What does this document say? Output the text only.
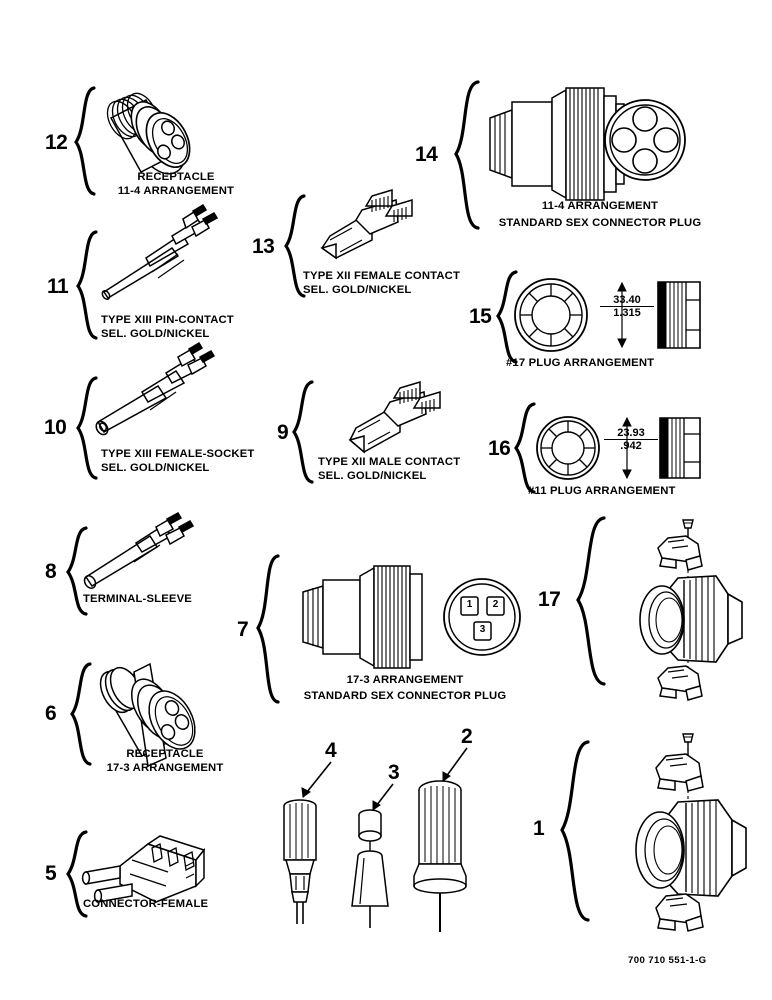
12
RECEPTACLE
11-4 ARRANGEMENT
11
TYPE XIII PIN-CONTACT
SEL. GOLD/NICKEL
10
TYPE XIII FEMALE-SOCKET
SEL. GOLD/NICKEL
8
TERMINAL-SLEEVE
6
RECEPTACLE
17-3 ARRANGEMENT
5
CONNECTOR-FEMALE
13
TYPE XII FEMALE CONTACT
SEL. GOLD/NICKEL
9
TYPE XII MALE CONTACT
SEL. GOLD/NICKEL
7
17-3 ARRANGEMENT
STANDARD SEX CONNECTOR PLUG
1	2
3
14
11-4 ARRANGEMENT
STANDARD SEX CONNECTOR PLUG
15
33.40
1.315
#17 PLUG ARRANGEMENT
16
23.93
.942
#11 PLUG ARRANGEMENT
17
1
4
3
2
700 710 551-1-G
